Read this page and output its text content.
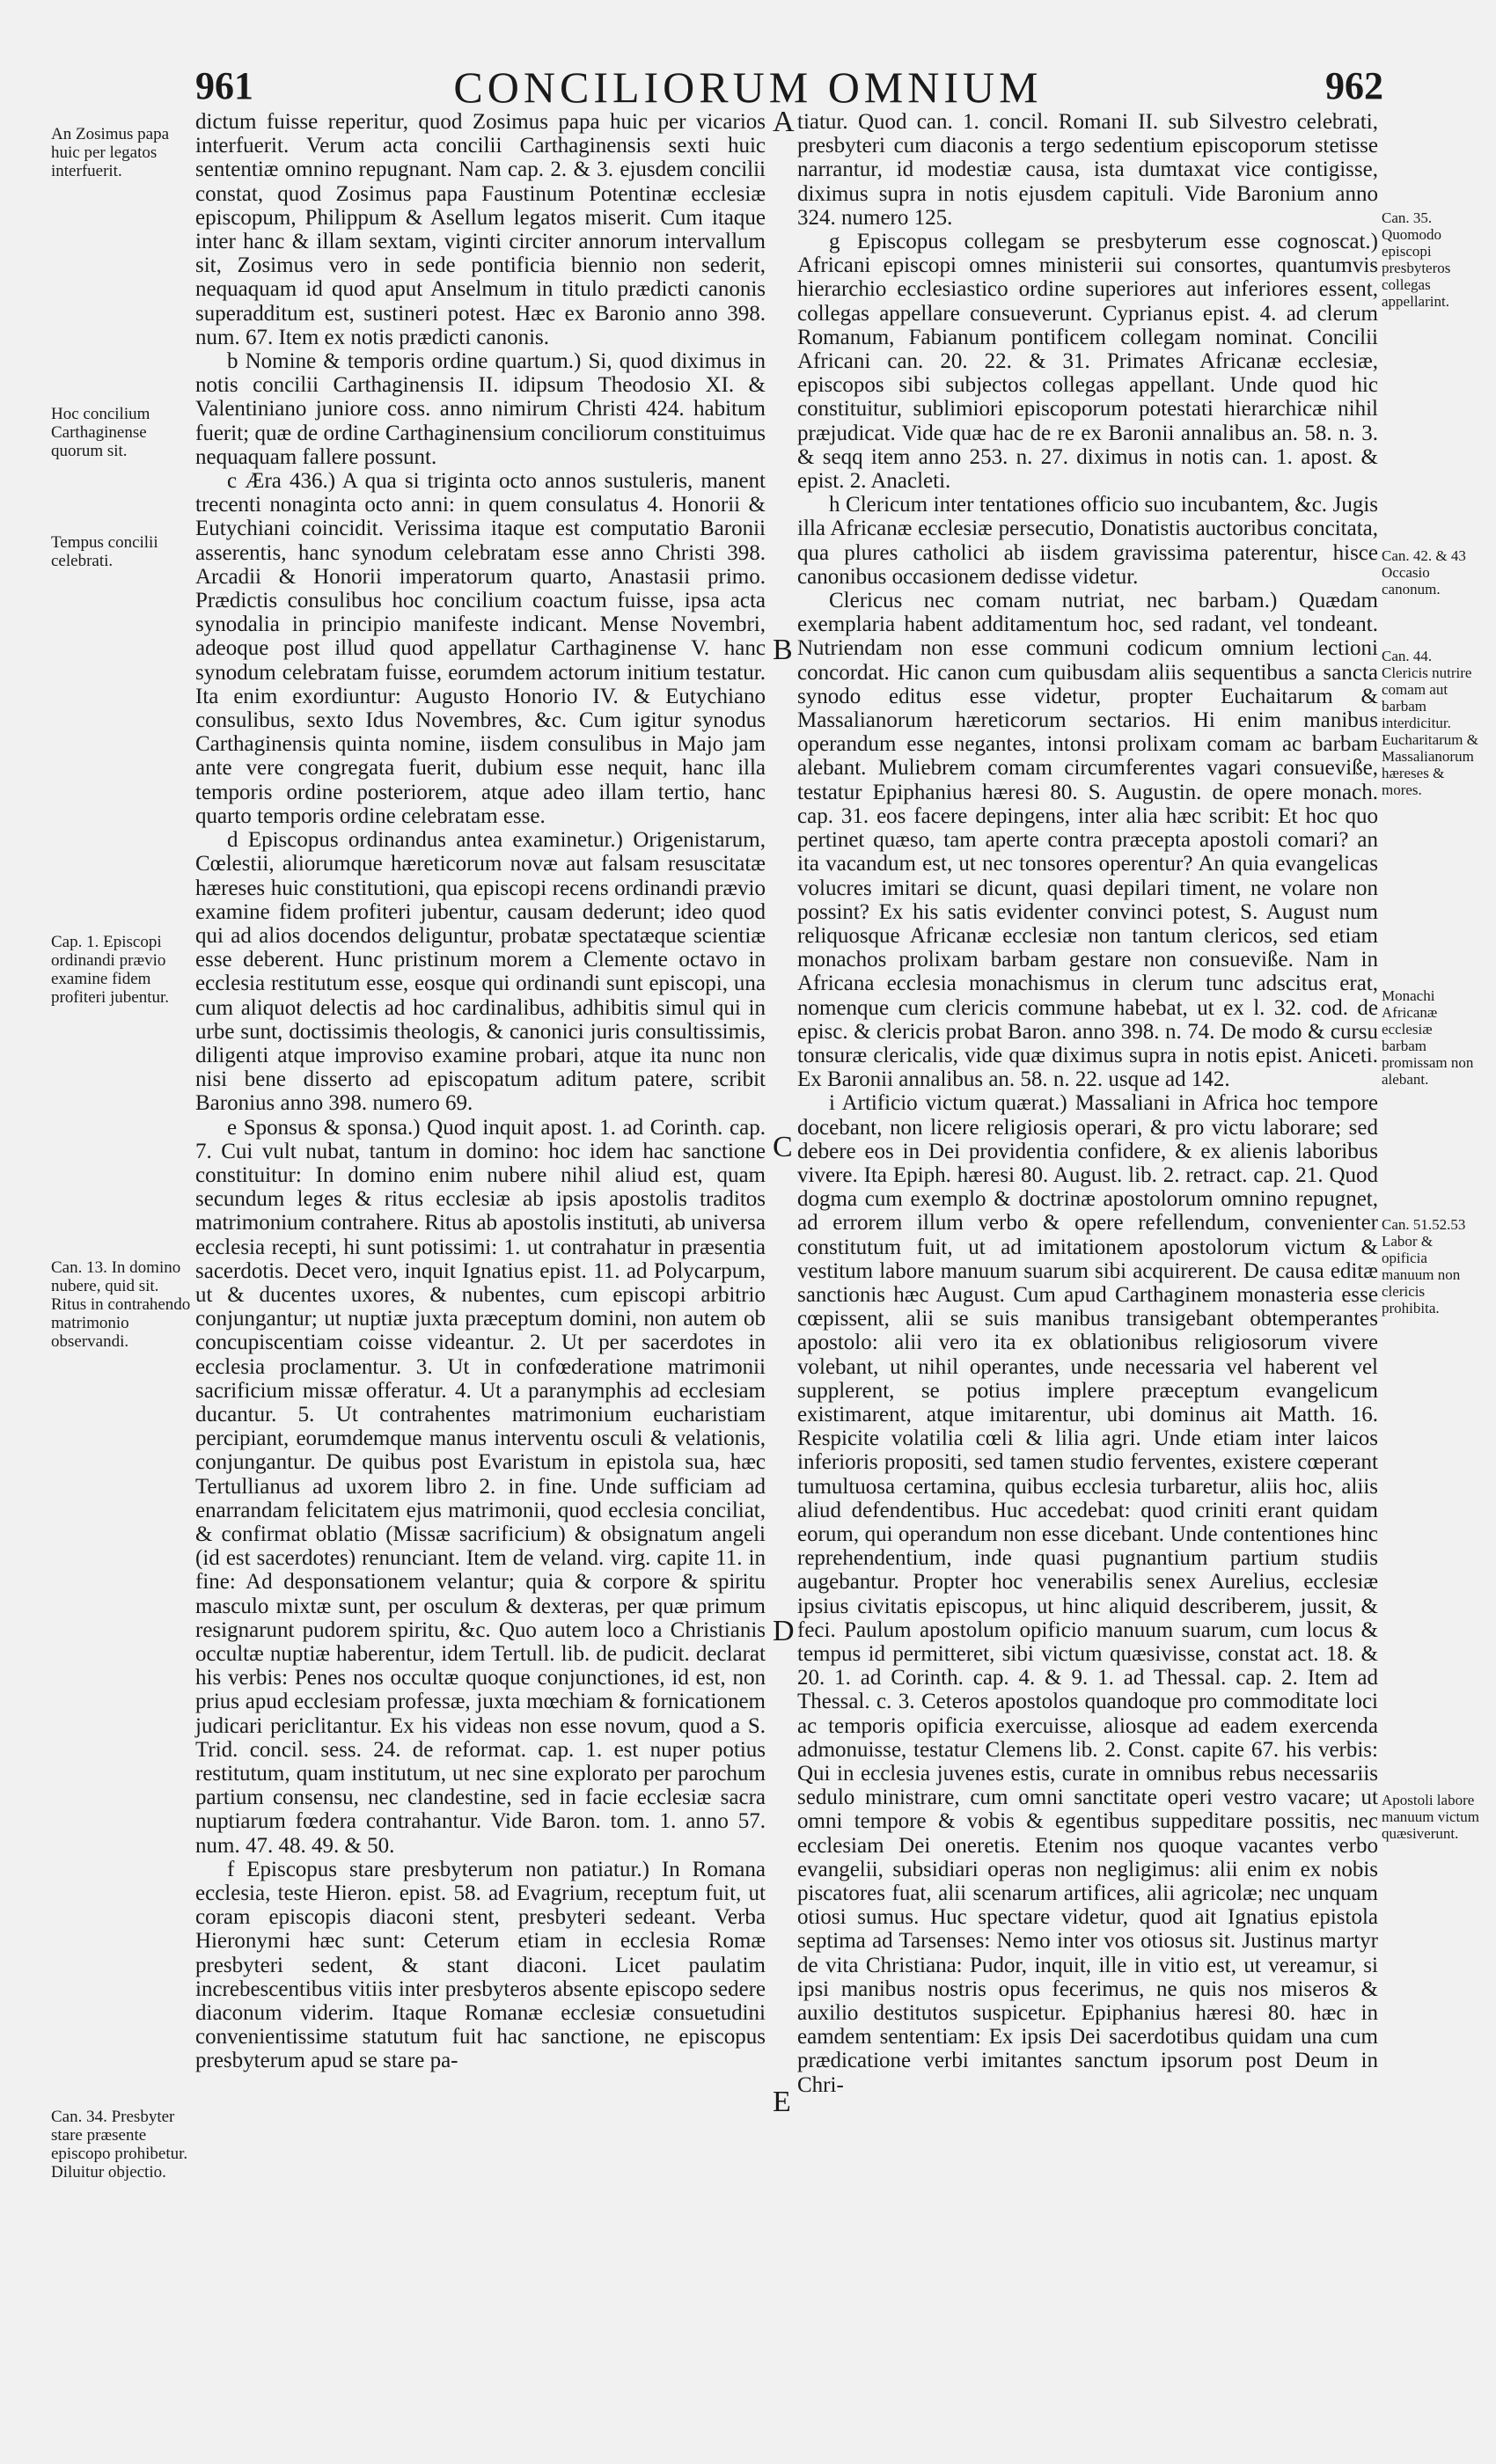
961	CONCILIORUM OMNIUM	962
An Zosimus papa huic per legatos interfuerit.
Hoc concilium Carthaginense quorum sit.
Tempus concilii celebrati.
Cap. 1. Episcopi ordinandi prævio examine fidem profiteri jubentur.
Can. 13. In domino nubere, quid sit. Ritus in contrahendo matrimonio observandi.
Can. 34. Presbyter stare præsente episcopo prohibetur. Diluitur objectio.
A
B
C
D
E
Can. 35. Quomodo episcopi presbyteros collegas appellarint.
Can. 42. & 43 Occasio canonum.
Can. 44. Clericis nutrire comam aut barbam interdicitur. Eucharitarum & Massalianorum hæreses & mores.
Monachi Africanæ ecclesiæ barbam promissam non alebant.
Can. 51.52.53 Labor & opificia manuum non clericis prohibita.
Apostoli labore manuum victum quæsiverunt.

dictum fuisse reperitur, quod Zosimus papa huic per vicarios interfuerit. Verum acta concilii Carthaginensis sexti huic sententiæ omnino repugnant. Nam cap. 2. & 3. ejusdem concilii constat, quod Zosimus papa Faustinum Potentinæ ecclesiæ episcopum, Philippum & Asellum legatos miserit. Cum itaque inter hanc & illam sextam, viginti circiter annorum intervallum sit, Zosimus vero in sede pontificia biennio non sederit, nequaquam id quod aput Anselmum in titulo prædicti canonis superadditum est, sustineri potest. Hæc ex Baronio anno 398. num. 67. Item ex notis prædicti canonis.

b Nomine & temporis ordine quartum.) Si, quod diximus in notis concilii Carthaginensis II. idipsum Theodosio XI. & Valentiniano juniore coss. anno nimirum Christi 424. habitum fuerit; quæ de ordine Carthaginensium conciliorum constituimus nequaquam fallere possunt.

c Æra 436.) A qua si triginta octo annos sustuleris, manent trecenti nonaginta octo anni: in quem consulatus 4. Honorii & Eutychiani coincidit. Verissima itaque est computatio Baronii asserentis, hanc synodum celebratam esse anno Christi 398. Arcadii & Honorii imperatorum quarto, Anastasii primo. Prædictis consulibus hoc concilium coactum fuisse, ipsa acta synodalia in principio manifeste indicant. Mense Novembri, adeoque post illud quod appellatur Carthaginense V. hanc synodum celebratam fuisse, eorumdem actorum initium testatur. Ita enim exordiuntur: Augusto Honorio IV. & Eutychiano consulibus, sexto Idus Novembres, &c. Cum igitur synodus Carthaginensis quinta nomine, iisdem consulibus in Majo jam ante vere congregata fuerit, dubium esse nequit, hanc illa temporis ordine posteriorem, atque adeo illam tertio, hanc quarto temporis ordine celebratam esse.

d Episcopus ordinandus antea examinetur.) Origenistarum, Cœlestii, aliorumque hæreticorum novæ aut falsam resuscitatæ hæreses huic constitutioni, qua episcopi recens ordinandi prævio examine fidem profiteri jubentur, causam dederunt; ideo quod qui ad alios docendos deliguntur, probatæ spectatæque scientiæ esse deberent. Hunc pristinum morem a Clemente octavo in ecclesia restitutum esse, eosque qui ordinandi sunt episcopi, una cum aliquot delectis ad hoc cardinalibus, adhibitis simul qui in urbe sunt, doctissimis theologis, & canonici juris consultissimis, diligenti atque improviso examine probari, atque ita nunc non nisi bene disserto ad episcopatum aditum patere, scribit Baronius anno 398. numero 69.

e Sponsus & sponsa.) Quod inquit apost. 1. ad Corinth. cap. 7. Cui vult nubat, tantum in domino: hoc idem hac sanctione constituitur: In domino enim nubere nihil aliud est, quam secundum leges & ritus ecclesiæ ab ipsis apostolis traditos matrimonium contrahere. Ritus ab apostolis instituti, ab universa ecclesia recepti, hi sunt potissimi: 1. ut contrahatur in præsentia sacerdotis. Decet vero, inquit Ignatius epist. 11. ad Polycarpum, ut & ducentes uxores, & nubentes, cum episcopi arbitrio conjungantur; ut nuptiæ juxta præceptum domini, non autem ob concupiscentiam coisse videantur. 2. Ut per sacerdotes in ecclesia proclamentur. 3. Ut in confœderatione matrimonii sacrificium missæ offeratur. 4. Ut a paranymphis ad ecclesiam ducantur. 5. Ut contrahentes matrimonium eucharistiam percipiant, eorumdemque manus interventu osculi & velationis, conjungantur. De quibus post Evaristum in epistola sua, hæc Tertullianus ad uxorem libro 2. in fine. Unde sufficiam ad enarrandam felicitatem ejus matrimonii, quod ecclesia conciliat, & confirmat oblatio (Missæ sacrificium) & obsignatum angeli (id est sacerdotes) renunciant. Item de veland. virg. capite 11. in fine: Ad desponsationem velantur; quia & corpore & spiritu masculo mixtæ sunt, per osculum & dexteras, per quæ primum resignarunt pudorem spiritu, &c. Quo autem loco a Christianis occultæ nuptiæ haberentur, idem Tertull. lib. de pudicit. declarat his verbis: Penes nos occultæ quoque conjunctiones, id est, non prius apud ecclesiam professæ, juxta mœchiam & fornicationem judicari periclitantur. Ex his videas non esse novum, quod a S. Trid. concil. sess. 24. de reformat. cap. 1. est nuper potius restitutum, quam institutum, ut nec sine explorato per parochum partium consensu, nec clandestine, sed in facie ecclesiæ sacra nuptiarum fœdera contrahantur. Vide Baron. tom. 1. anno 57. num. 47. 48. 49. & 50.

f Episcopus stare presbyterum non patiatur.) In Romana ecclesia, teste Hieron. epist. 58. ad Evagrium, receptum fuit, ut coram episcopis diaconi stent, presbyteri sedeant. Verba Hieronymi hæc sunt: Ceterum etiam in ecclesia Romæ presbyteri sedent, & stant diaconi. Licet paulatim increbescentibus vitiis inter presbyteros absente episcopo sedere diaconum viderim. Itaque Romanæ ecclesiæ consuetudini convenientissime statutum fuit hac sanctione, ne episcopus presbyterum apud se stare pa-

tiatur. Quod can. 1. concil. Romani II. sub Silvestro celebrati, presbyteri cum diaconis a tergo sedentium episcoporum stetisse narrantur, id modestiæ causa, ista dumtaxat vice contigisse, diximus supra in notis ejusdem capituli. Vide Baronium anno 324. numero 125.

g Episcopus collegam se presbyterum esse cognoscat.) Africani episcopi omnes ministerii sui consortes, quantumvis hierarchio ecclesiastico ordine superiores aut inferiores essent, collegas appellare consueverunt. Cyprianus epist. 4. ad clerum Romanum, Fabianum pontificem collegam nominat. Concilii Africani can. 20. 22. & 31. Primates Africanæ ecclesiæ, episcopos sibi subjectos collegas appellant. Unde quod hic constituitur, sublimiori episcoporum potestati hierarchicæ nihil præjudicat. Vide quæ hac de re ex Baronii annalibus an. 58. n. 3. & seqq item anno 253. n. 27. diximus in notis can. 1. apost. & epist. 2. Anacleti.

h Clericum inter tentationes officio suo incubantem, &c. Jugis illa Africanæ ecclesiæ persecutio, Donatistis auctoribus concitata, qua plures catholici ab iisdem gravissima paterentur, hisce canonibus occasionem dedisse videtur.

Clericus nec comam nutriat, nec barbam.) Quædam exemplaria habent additamentum hoc, sed radant, vel tondeant. Nutriendam non esse communi codicum omnium lectioni concordat. Hic canon cum quibusdam aliis sequentibus a sancta synodo editus esse videtur, propter Euchaitarum & Massalianorum hæreticorum sectarios. Hi enim manibus operandum esse negantes, intonsi prolixam comam ac barbam alebant. Muliebrem comam circumferentes vagari consueviße, testatur Epiphanius hæresi 80. S. Augustin. de opere monach. cap. 31. eos facere depingens, inter alia hæc scribit: Et hoc quo pertinet quæso, tam aperte contra præcepta apostoli comari? an ita vacandum est, ut nec tonsores operentur? An quia evangelicas volucres imitari se dicunt, quasi depilari timent, ne volare non possint? Ex his satis evidenter convinci potest, S. August num reliquosque Africanæ ecclesiæ non tantum clericos, sed etiam monachos prolixam barbam gestare non consueviße. Nam in Africana ecclesia monachismus in clerum tunc adscitus erat, nomenque cum clericis commune habebat, ut ex l. 32. cod. de episc. & clericis probat Baron. anno 398. n. 74. De modo & cursu tonsuræ clericalis, vide quæ diximus supra in notis epist. Aniceti. Ex Baronii annalibus an. 58. n. 22. usque ad 142.

i Artificio victum quærat.) Massaliani in Africa hoc tempore docebant, non licere religiosis operari, & pro victu laborare; sed debere eos in Dei providentia confidere, & ex alienis laboribus vivere. Ita Epiph. hæresi 80. August. lib. 2. retract. cap. 21. Quod dogma cum exemplo & doctrinæ apostolorum omnino repugnet, ad errorem illum verbo & opere refellendum, convenienter constitutum fuit, ut ad imitationem apostolorum victum & vestitum labore manuum suarum sibi acquirerent. De causa editæ sanctionis hæc August. Cum apud Carthaginem monasteria esse cœpissent, alii se suis manibus transigebant obtemperantes apostolo: alii vero ita ex oblationibus religiosorum vivere volebant, ut nihil operantes, unde necessaria vel haberent vel supplerent, se potius implere præceptum evangelicum existimarent, atque imitarentur, ubi dominus ait Matth. 16. Respicite volatilia cœli & lilia agri. Unde etiam inter laicos inferioris propositi, sed tamen studio ferventes, existere cœperant tumultuosa certamina, quibus ecclesia turbaretur, aliis hoc, aliis aliud defendentibus. Huc accedebat: quod criniti erant quidam eorum, qui operandum non esse dicebant. Unde contentiones hinc reprehendentium, inde quasi pugnantium partium studiis augebantur. Propter hoc venerabilis senex Aurelius, ecclesiæ ipsius civitatis episcopus, ut hinc aliquid describerem, jussit, & feci. Paulum apostolum opificio manuum suarum, cum locus & tempus id permitteret, sibi victum quæsivisse, constat act. 18. & 20. 1. ad Corinth. cap. 4. & 9. 1. ad Thessal. cap. 2. Item ad Thessal. c. 3. Ceteros apostolos quandoque pro commoditate loci ac temporis opificia exercuisse, aliosque ad eadem exercenda admonuisse, testatur Clemens lib. 2. Const. capite 67. his verbis: Qui in ecclesia juvenes estis, curate in omnibus rebus necessariis sedulo ministrare, cum omni sanctitate operi vestro vacare; ut omni tempore & vobis & egentibus suppeditare possitis, nec ecclesiam Dei oneretis. Etenim nos quoque vacantes verbo evangelii, subsidiari operas non negligimus: alii enim ex nobis piscatores fuat, alii scenarum artifices, alii agricolæ; nec unquam otiosi sumus. Huc spectare videtur, quod ait Ignatius epistola septima ad Tarsenses: Nemo inter vos otiosus sit. Justinus martyr de vita Christiana: Pudor, inquit, ille in vitio est, ut vereamur, si ipsi manibus nostris opus fecerimus, ne quis nos miseros & auxilio destitutos suspicetur. Epiphanius hæresi 80. hæc in eamdem sententiam: Ex ipsis Dei sacerdotibus quidam una cum prædicatione verbi imitantes sanctum ipsorum post Deum in Chri-
